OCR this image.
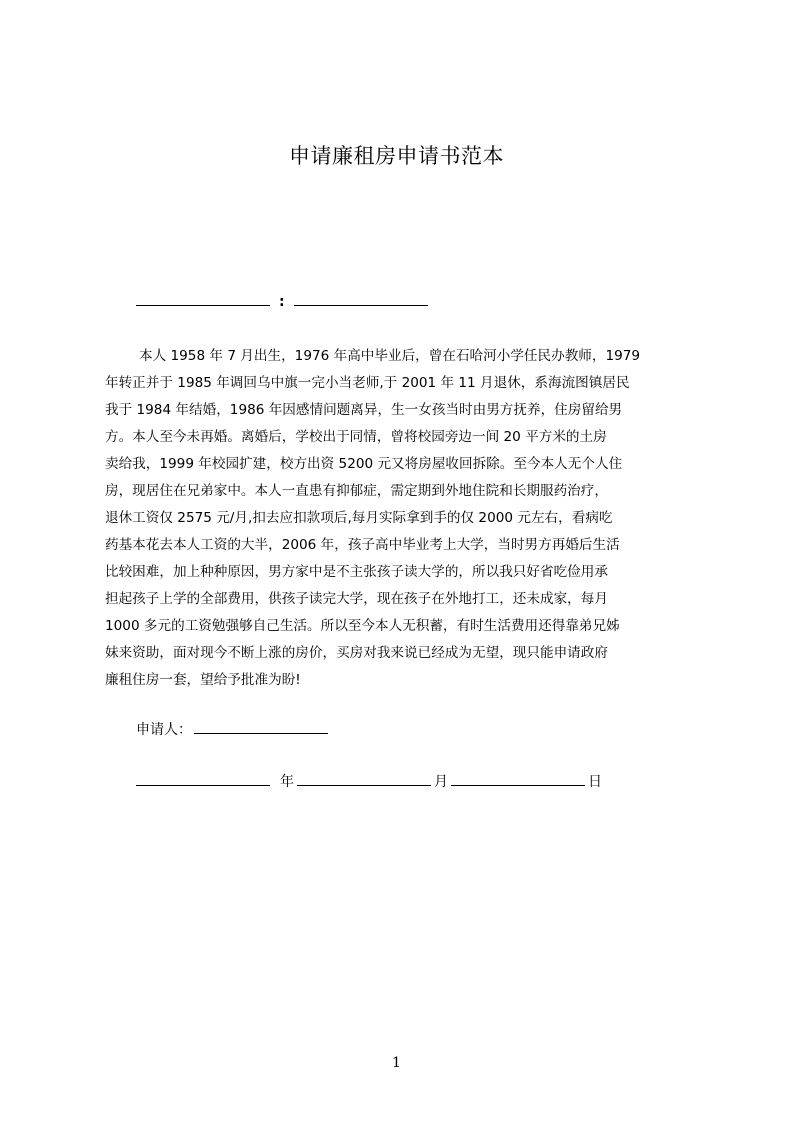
申请廉租房申请书范本
:
本人 1958 年 7 月出生，1976 年高中毕业后，曾在石哈河小学任民办教师，1979
年转正并于 1985 年调回乌中旗一完小当老师,于 2001 年 11 月退休，系海流图镇居民
我于 1984 年结婚，1986 年因感情问题离异，生一女孩当时由男方抚养，住房留给男
方。本人至今未再婚。离婚后，学校出于同情，曾将校园旁边一间 20 平方米的土房
卖给我，1999 年校园扩建，校方出资 5200 元又将房屋收回拆除。至今本人无个人住
房，现居住在兄弟家中。本人一直患有抑郁症，需定期到外地住院和长期服药治疗，
退休工资仅 2575 元/月,扣去应扣款项后,每月实际拿到手的仅 2000 元左右，看病吃
药基本花去本人工资的大半，2006 年，孩子高中毕业考上大学，当时男方再婚后生活
比较困难，加上种种原因，男方家中是不主张孩子读大学的，所以我只好省吃俭用承
担起孩子上学的全部费用，供孩子读完大学，现在孩子在外地打工，还未成家，每月
1000 多元的工资勉强够自己生活。所以至今本人无积蓄，有时生活费用还得靠弟兄姊
妹来资助，面对现今不断上涨的房价，买房对我来说已经成为无望，现只能申请政府
廉租住房一套，望给予批准为盼!
申请人：
年	月	日
1
